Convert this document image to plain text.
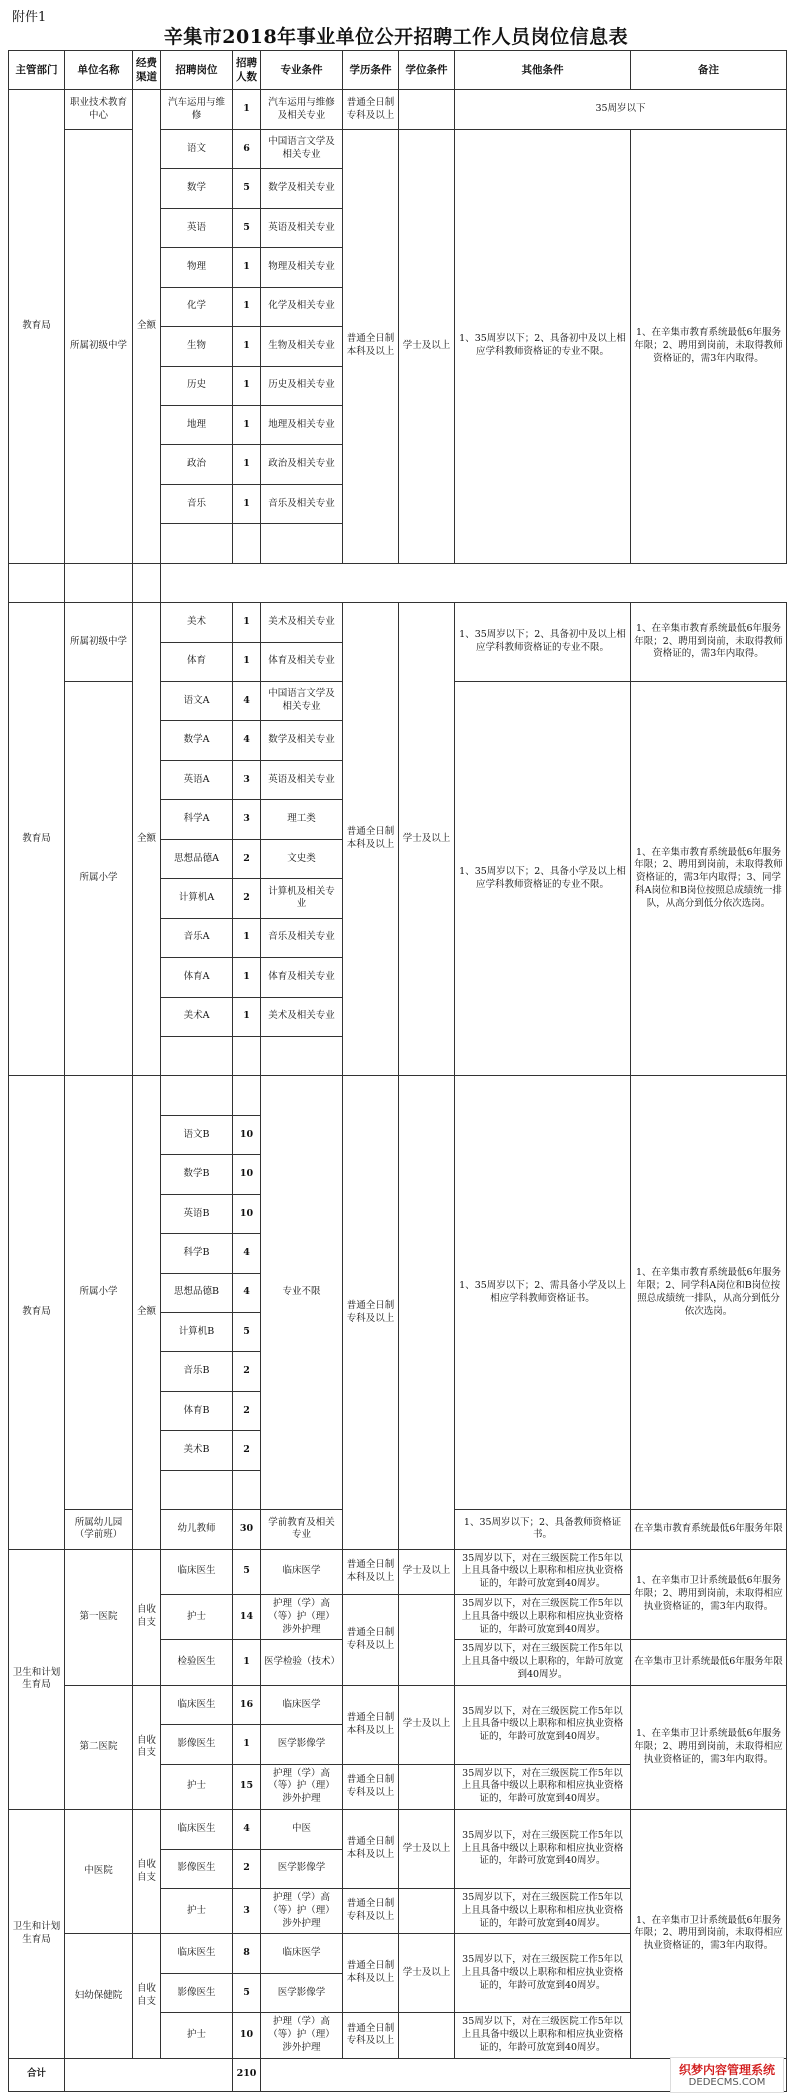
附件1
辛集市2018年事业单位公开招聘工作人员岗位信息表
主管部门	单位名称	经费渠道	招聘岗位	招聘人数	专业条件	学历条件	学位条件	其他条件	备注
教育局	职业技术教育中心	全额	汽车运用与维修	1	汽车运用与维修及相关专业	普通全日制专科及以上		35周岁以下	
	所属初级中学		语文	6	中国语言文学及相关专业	普通全日制本科及以上	学士及以上	1、35周岁以下；2、具备初中及以上相应学科教师资格证的专业不限。	1、在辛集市教育系统最低6年服务年限；2、聘用到岗前，未取得教师资格证的，需3年内取得。
			数学	5	数学及相关专业				
			英语	5	英语及相关专业				
			物理	1	物理及相关专业				
			化学	1	化学及相关专业				
			生物	1	生物及相关专业				
			历史	1	历史及相关专业				
			地理	1	地理及相关专业				
			政治	1	政治及相关专业				
			音乐	1	音乐及相关专业				

教育局	所属初级中学	全额	美术	1	美术及相关专业	普通全日制本科及以上	学士及以上	1、35周岁以下；2、具备初中及以上相应学科教师资格证的专业不限。	1、在辛集市教育系统最低6年服务年限；2、聘用到岗前，未取得教师资格证的，需3年内取得。
			体育	1	体育及相关专业				
	所属小学		语文A	4	中国语言文学及相关专业			1、35周岁以下；2、具备小学及以上相应学科教师资格证的专业不限。	1、在辛集市教育系统最低6年服务年限；2、聘用到岗前，未取得教师资格证的，需3年内取得；3、同学科A岗位和B岗位按照总成绩统一排队，从高分到低分依次选岗。
			数学A	4	数学及相关专业				
			英语A	3	英语及相关专业				
			科学A	3	理工类				
			思想品德A	2	文史类				
			计算机A	2	计算机及相关专业				
			音乐A	1	音乐及相关专业				
			体育A	1	体育及相关专业				
			美术A	1	美术及相关专业				

教育局	所属小学	全额			专业不限	普通全日制专科及以上		1、35周岁以下；2、需具备小学及以上相应学科教师资格证书。	1、在辛集市教育系统最低6年服务年限；2、同学科A岗位和B岗位按照总成绩统一排队，从高分到低分依次选岗。
			语文B	10					
			数学B	10					
			英语B	10					
			科学B	4					
			思想品德B	4					
			计算机B	5					
			音乐B	2					
			体育B	2					
			美术B	2					

	所属幼儿园（学前班）		幼儿教师	30	学前教育及相关专业			1、35周岁以下；2、具备教师资格证书。	在辛集市教育系统最低6年服务年限
卫生和计划生育局	第一医院	自收自支	临床医生	5	临床医学	普通全日制本科及以上	学士及以上	35周岁以下，对在三级医院工作5年以上且具备中级以上职称和相应执业资格证的，年龄可放宽到40周岁。	1、在辛集市卫计系统最低6年服务年限；2、聘用到岗前，未取得相应执业资格证的，需3年内取得。
			护士	14	护理（学）高（等）护（理）涉外护理	普通全日制专科及以上		35周岁以下，对在三级医院工作5年以上且具备中级以上职称和相应执业资格证的，年龄可放宽到40周岁。	
			检验医生	1	医学检验（技术）			35周岁以下，对在三级医院工作5年以上且具备中级以上职称的，年龄可放宽到40周岁。	在辛集市卫计系统最低6年服务年限
	第二医院	自收自支	临床医生	16	临床医学	普通全日制本科及以上	学士及以上	35周岁以下，对在三级医院工作5年以上且具备中级以上职称和相应执业资格证的，年龄可放宽到40周岁。	1、在辛集市卫计系统最低6年服务年限；2、聘用到岗前，未取得相应执业资格证的，需3年内取得。
			影像医生	1	医学影像学				
			护士	15	护理（学）高（等）护（理）涉外护理	普通全日制专科及以上		35周岁以下，对在三级医院工作5年以上且具备中级以上职称和相应执业资格证的，年龄可放宽到40周岁。	
卫生和计划生育局	中医院	自收自支	临床医生	4	中医	普通全日制本科及以上	学士及以上	35周岁以下，对在三级医院工作5年以上且具备中级以上职称和相应执业资格证的，年龄可放宽到40周岁。	1、在辛集市卫计系统最低6年服务年限；2、聘用到岗前，未取得相应执业资格证的，需3年内取得。
			影像医生	2	医学影像学				
			护士	3	护理（学）高（等）护（理）涉外护理	普通全日制专科及以上		35周岁以下，对在三级医院工作5年以上且具备中级以上职称和相应执业资格证的，年龄可放宽到40周岁。	
	妇幼保健院	自收自支	临床医生	8	临床医学	普通全日制本科及以上	学士及以上	35周岁以下，对在三级医院工作5年以上且具备中级以上职称和相应执业资格证的，年龄可放宽到40周岁。	
			影像医生	5	医学影像学				
			护士	10	护理（学）高（等）护（理）涉外护理	普通全日制专科及以上		35周岁以下，对在三级医院工作5年以上且具备中级以上职称和相应执业资格证的，年龄可放宽到40周岁。	
合计				210						织梦内容管理系统
DEDECMS.COM
